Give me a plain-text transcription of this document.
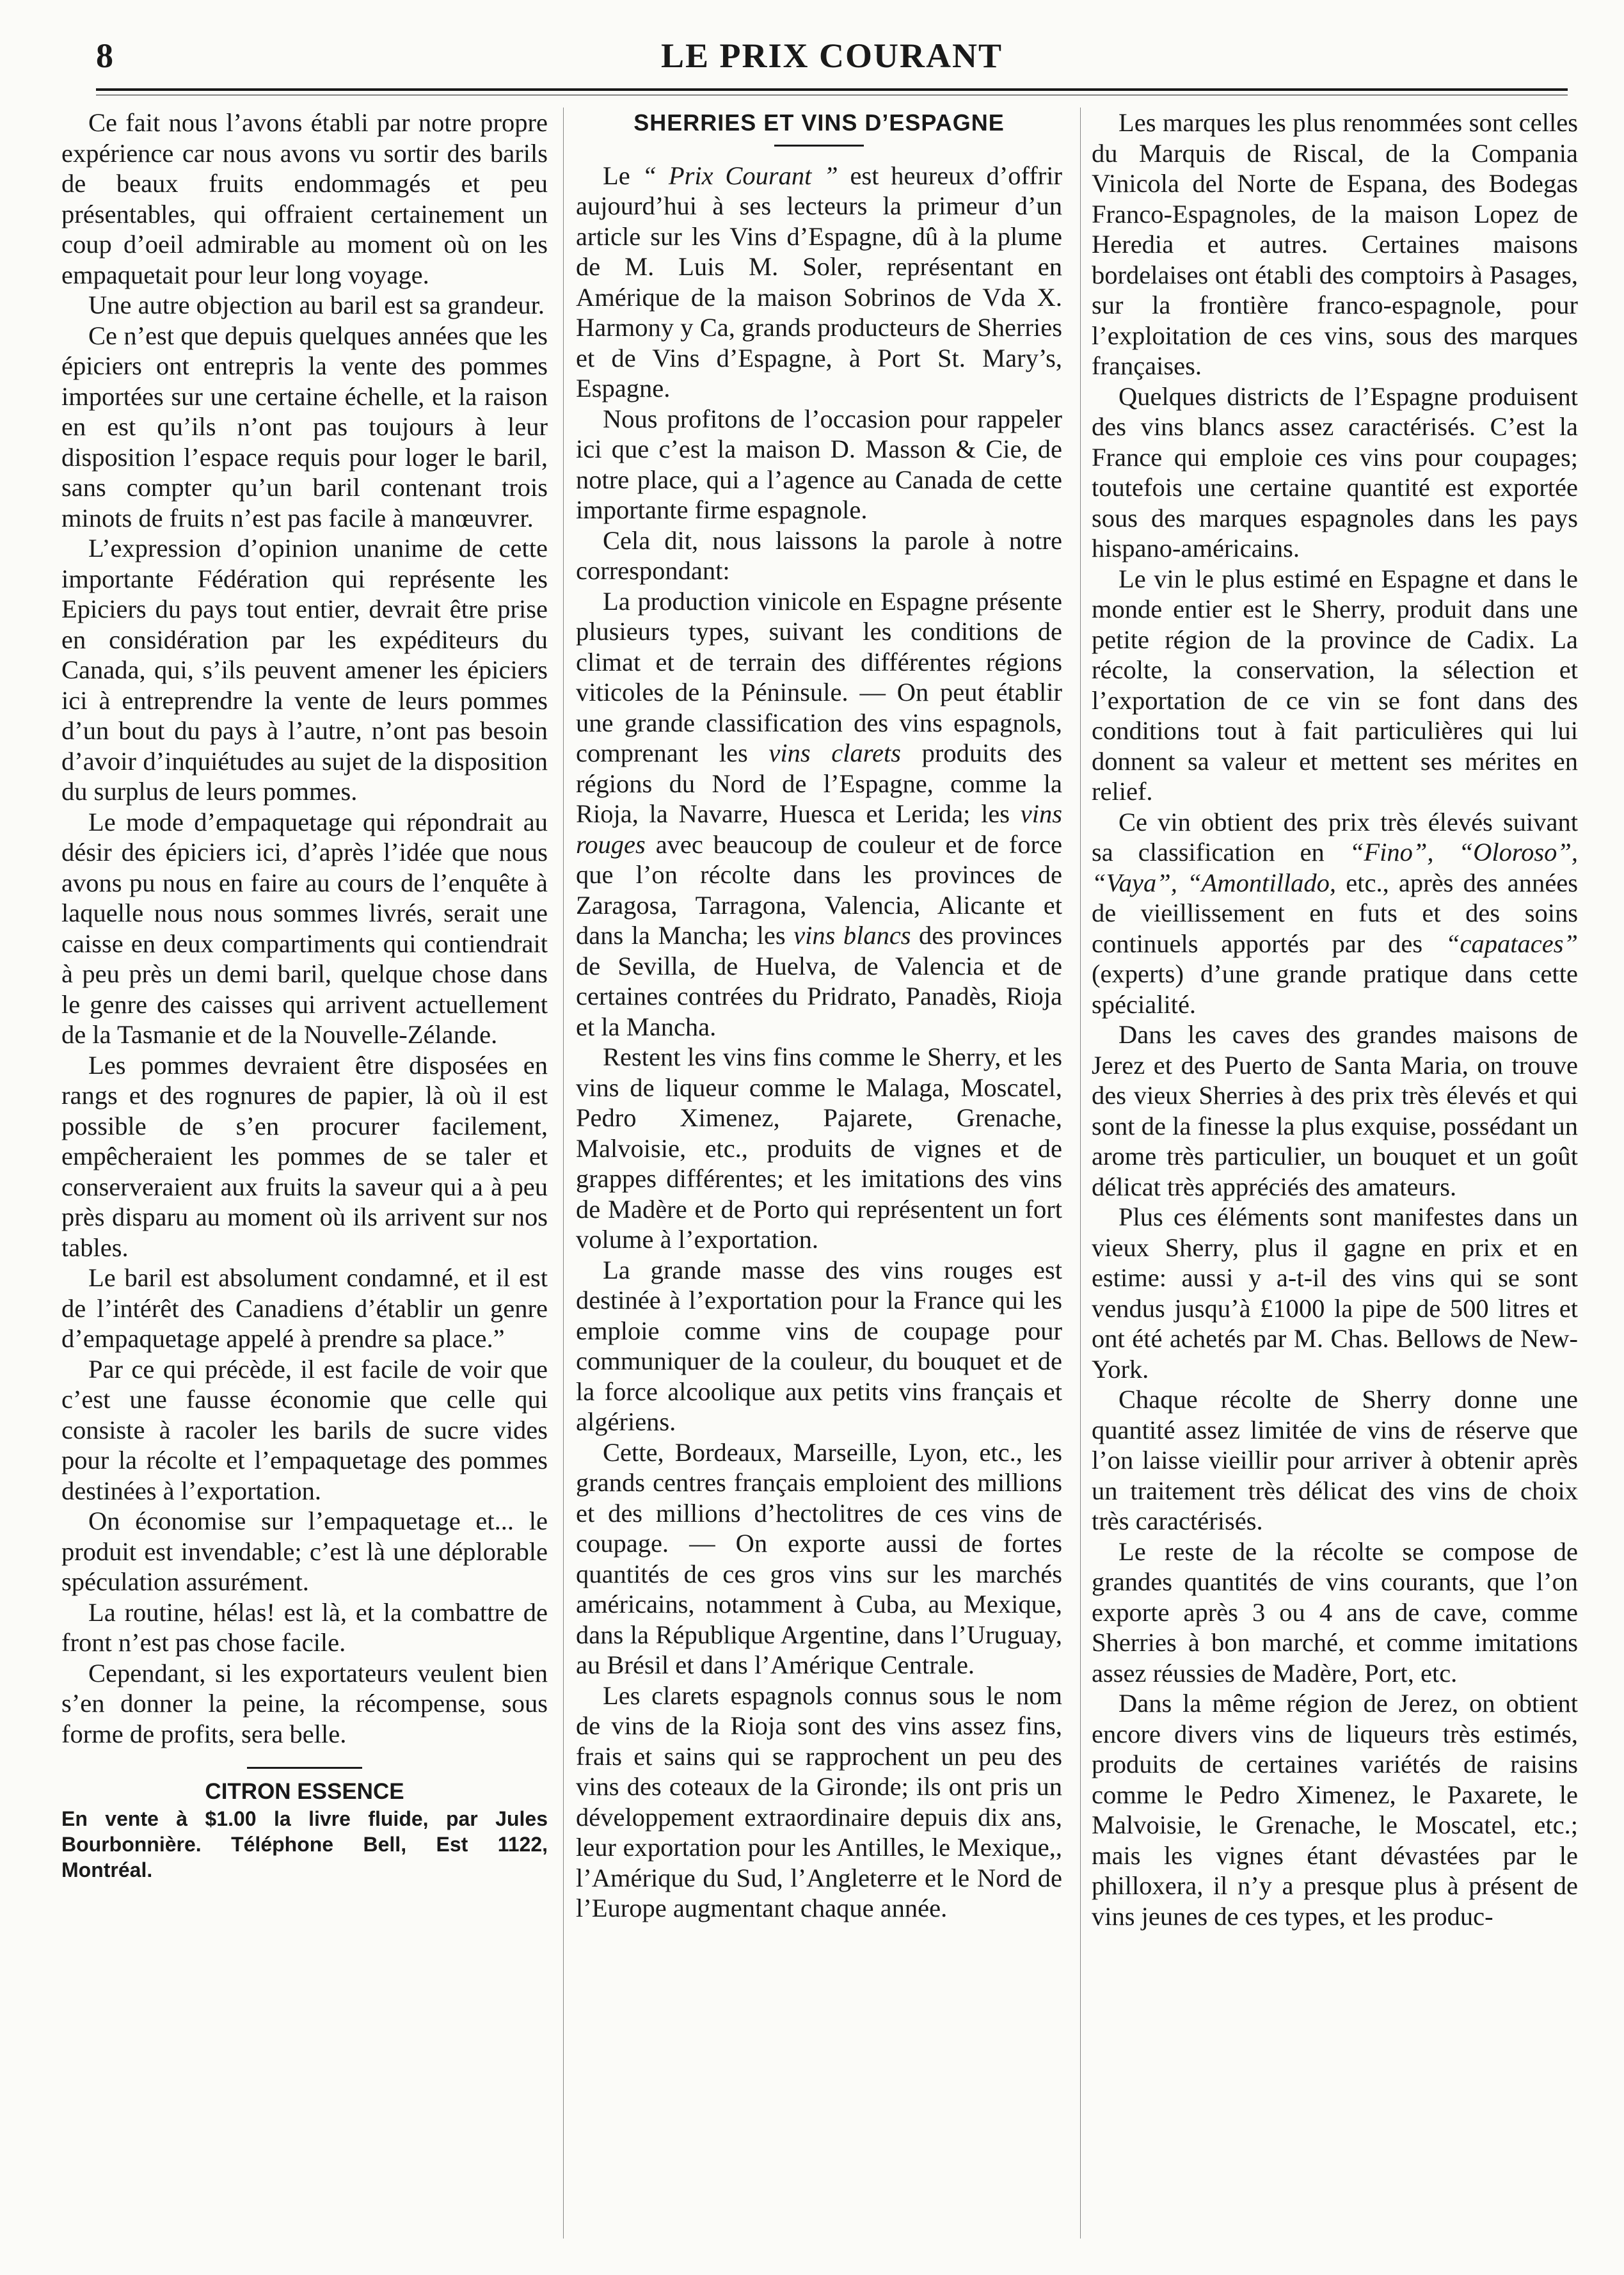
8	LE PRIX COURANT

Ce fait nous l’avons établi par notre propre expérience car nous avons vu sortir des barils de beaux fruits endommagés et peu présentables, qui offraient certainement un coup d’oeil admirable au moment où on les empaquetait pour leur long voyage.

Une autre objection au baril est sa grandeur.

Ce n’est que depuis quelques années que les épiciers ont entrepris la vente des pommes importées sur une certaine échelle, et la raison en est qu’ils n’ont pas toujours à leur disposition l’espace requis pour loger le baril, sans compter qu’un baril contenant trois minots de fruits n’est pas facile à manœuvrer.

L’expression d’opinion unanime de cette importante Fédération qui représente les Epiciers du pays tout entier, devrait être prise en considération par les expéditeurs du Canada, qui, s’ils peuvent amener les épiciers ici à entreprendre la vente de leurs pommes d’un bout du pays à l’autre, n’ont pas besoin d’avoir d’inquiétudes au sujet de la disposition du surplus de leurs pommes.

Le mode d’empaquetage qui répondrait au désir des épiciers ici, d’après l’idée que nous avons pu nous en faire au cours de l’enquête à laquelle nous nous sommes livrés, serait une caisse en deux compartiments qui contiendrait à peu près un demi baril, quelque chose dans le genre des caisses qui arrivent actuellement de la Tasmanie et de la Nouvelle-Zélande.

Les pommes devraient être disposées en rangs et des rognures de papier, là où il est possible de s’en procurer facilement, empêcheraient les pommes de se taler et conserveraient aux fruits la saveur qui a à peu près disparu au moment où ils arrivent sur nos tables.

Le baril est absolument condamné, et il est de l’intérêt des Canadiens d’établir un genre d’empaquetage appelé à prendre sa place.”

Par ce qui précède, il est facile de voir que c’est une fausse économie que celle qui consiste à racoler les barils de sucre vides pour la récolte et l’empaquetage des pommes destinées à l’exportation.

On économise sur l’empaquetage et... le produit est invendable; c’est là une déplorable spéculation assurément.

La routine, hélas! est là, et la combattre de front n’est pas chose facile.

Cependant, si les exportateurs veulent bien s’en donner la peine, la récompense, sous forme de profits, sera belle.

CITRON ESSENCE
En vente à $1.00 la livre fluide, par Jules Bourbonnière. Téléphone Bell, Est 1122, Montréal.
SHERRIES ET VINS D’ESPAGNE

Le “ Prix Courant ” est heureux d’offrir aujourd’hui à ses lecteurs la primeur d’un article sur les Vins d’Espagne, dû à la plume de M. Luis M. Soler, représentant en Amérique de la maison Sobrinos de Vda X. Harmony y Ca, grands producteurs de Sherries et de Vins d’Espagne, à Port St. Mary’s, Espagne.

Nous profitons de l’occasion pour rappeler ici que c’est la maison D. Masson & Cie, de notre place, qui a l’agence au Canada de cette importante firme espagnole.

Cela dit, nous laissons la parole à notre correspondant:

La production vinicole en Espagne présente plusieurs types, suivant les conditions de climat et de terrain des différentes régions viticoles de la Péninsule. — On peut établir une grande classification des vins espagnols, comprenant les vins clarets produits des régions du Nord de l’Espagne, comme la Rioja, la Navarre, Huesca et Lerida; les vins rouges avec beaucoup de couleur et de force que l’on récolte dans les provinces de Zaragosa, Tarragona, Valencia, Alicante et dans la Mancha; les vins blancs des provinces de Sevilla, de Huelva, de Valencia et de certaines contrées du Pridrato, Panadès, Rioja et la Mancha.

Restent les vins fins comme le Sherry, et les vins de liqueur comme le Malaga, Moscatel, Pedro Ximenez, Pajarete, Grenache, Malvoisie, etc., produits de vignes et de grappes différentes; et les imitations des vins de Madère et de Porto qui représentent un fort volume à l’exportation.

La grande masse des vins rouges est destinée à l’exportation pour la France qui les emploie comme vins de coupage pour communiquer de la couleur, du bouquet et de la force alcoolique aux petits vins français et algériens.

Cette, Bordeaux, Marseille, Lyon, etc., les grands centres français emploient des millions et des millions d’hectolitres de ces vins de coupage. — On exporte aussi de fortes quantités de ces gros vins sur les marchés américains, notamment à Cuba, au Mexique, dans la République Argentine, dans l’Uruguay, au Brésil et dans l’Amérique Centrale.

Les clarets espagnols connus sous le nom de vins de la Rioja sont des vins assez fins, frais et sains qui se rapprochent un peu des vins des coteaux de la Gironde; ils ont pris un développement extraordinaire depuis dix ans, leur exportation pour les Antilles, le Mexique,, l’Amérique du Sud, l’Angleterre et le Nord de l’Europe augmentant chaque année.

Les marques les plus renommées sont celles du Marquis de Riscal, de la Compania Vinicola del Norte de Espana, des Bodegas Franco-Espagnoles, de la maison Lopez de Heredia et autres. Certaines maisons bordelaises ont établi des comptoirs à Pasages, sur la frontière franco-espagnole, pour l’exploitation de ces vins, sous des marques françaises.

Quelques districts de l’Espagne produisent des vins blancs assez caractérisés. C’est la France qui emploie ces vins pour coupages; toutefois une certaine quantité est exportée sous des marques espagnoles dans les pays hispano-américains.

Le vin le plus estimé en Espagne et dans le monde entier est le Sherry, produit dans une petite région de la province de Cadix. La récolte, la conservation, la sélection et l’exportation de ce vin se font dans des conditions tout à fait particulières qui lui donnent sa valeur et mettent ses mérites en relief.

Ce vin obtient des prix très élevés suivant sa classification en “Fino”, “Oloroso”, “Vaya”, “Amontillado, etc., après des années de vieillissement en futs et des soins continuels apportés par des “capataces” (experts) d’une grande pratique dans cette spécialité.

Dans les caves des grandes maisons de Jerez et des Puerto de Santa Maria, on trouve des vieux Sherries à des prix très élevés et qui sont de la finesse la plus exquise, possédant un arome très particulier, un bouquet et un goût délicat très appréciés des amateurs.

Plus ces éléments sont manifestes dans un vieux Sherry, plus il gagne en prix et en estime: aussi y a-t-il des vins qui se sont vendus jusqu’à £1000 la pipe de 500 litres et ont été achetés par M. Chas. Bellows de New-York.

Chaque récolte de Sherry donne une quantité assez limitée de vins de réserve que l’on laisse vieillir pour arriver à obtenir après un traitement très délicat des vins de choix très caractérisés.

Le reste de la récolte se compose de grandes quantités de vins courants, que l’on exporte après 3 ou 4 ans de cave, comme Sherries à bon marché, et comme imitations assez réussies de Madère, Port, etc.

Dans la même région de Jerez, on obtient encore divers vins de liqueurs très estimés, produits de certaines variétés de raisins comme le Pedro Ximenez, le Paxarete, le Malvoisie, le Grenache, le Moscatel, etc.; mais les vignes étant dévastées par le philloxera, il n’y a presque plus à présent de vins jeunes de ces types, et les produc-
